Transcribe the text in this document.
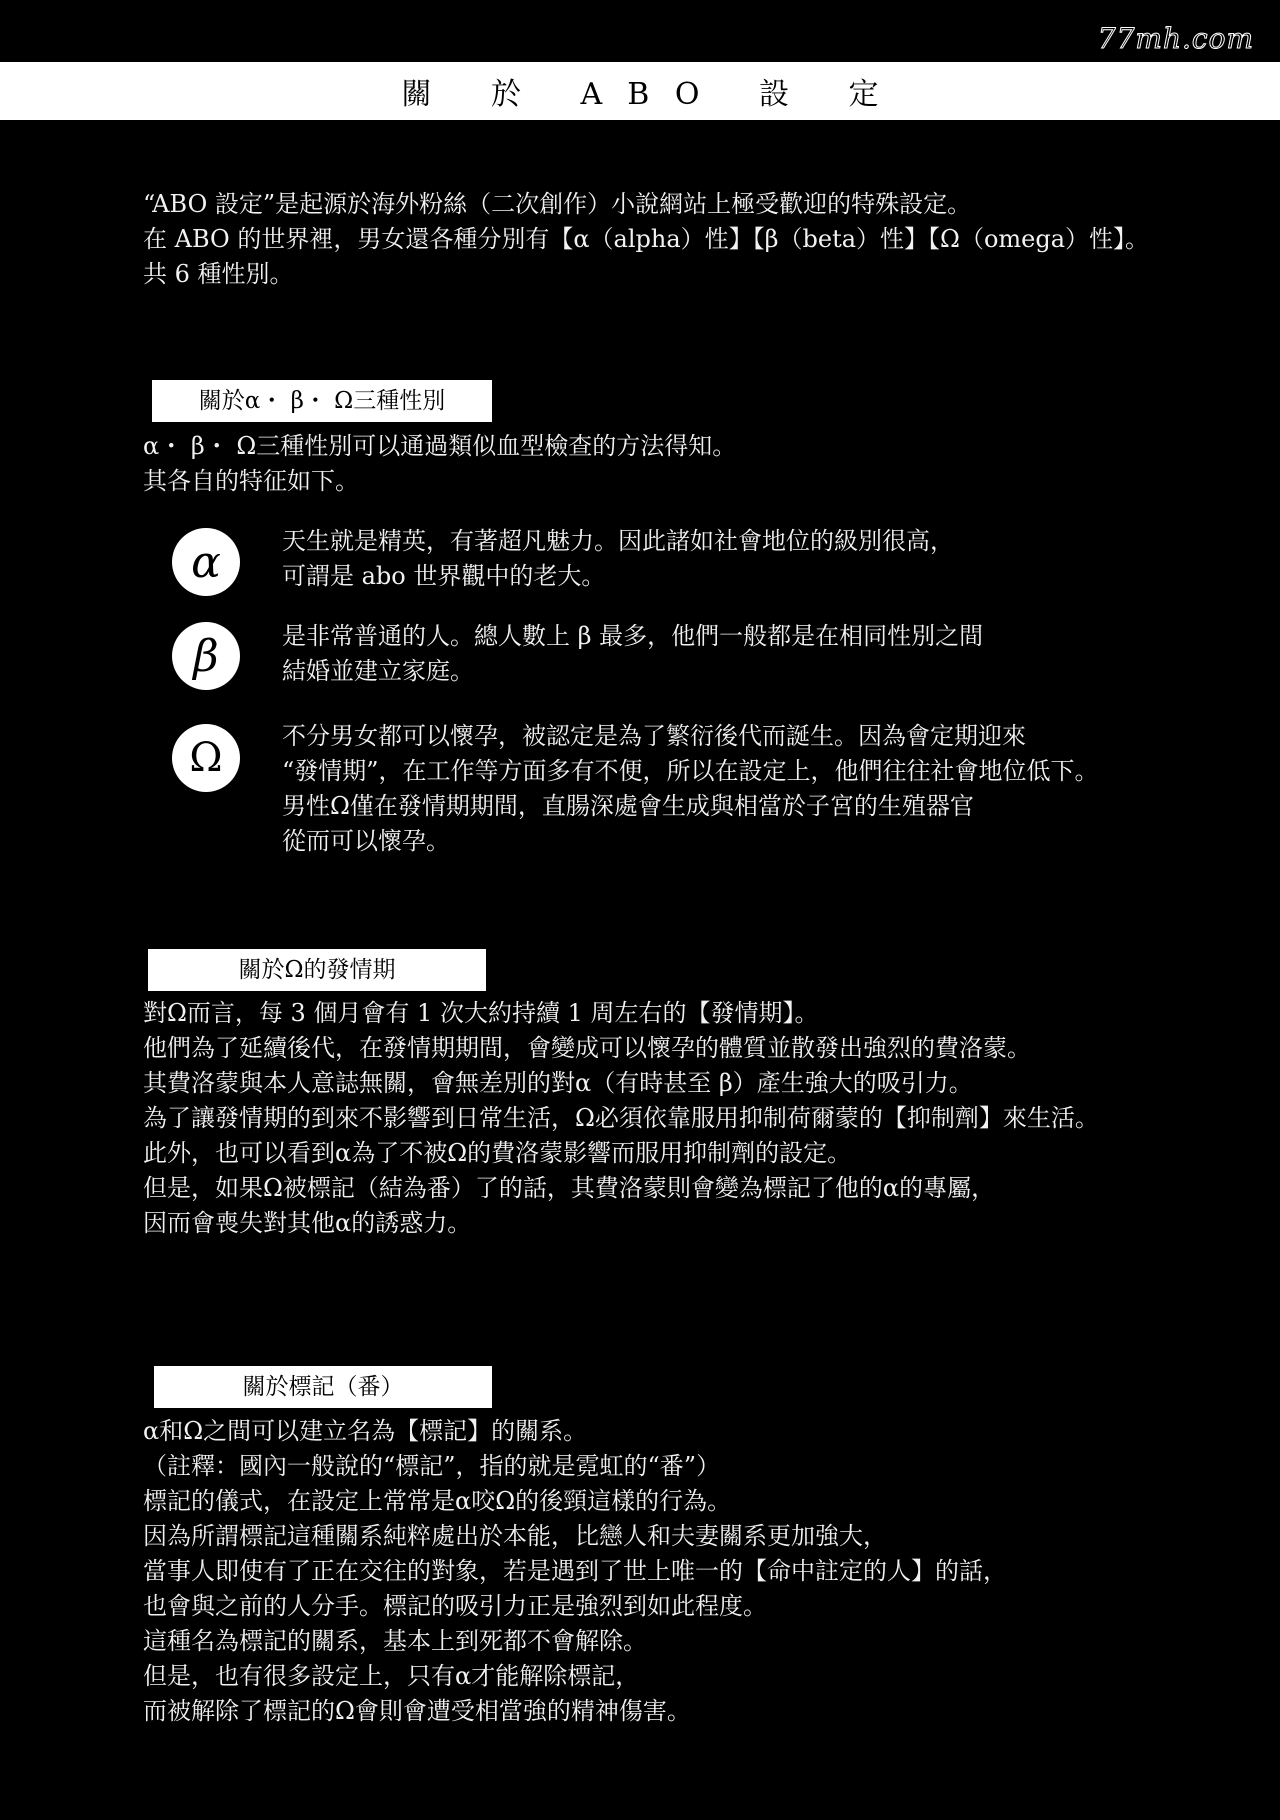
77mh.com
關 於 ABO 設 定
“ABO 設定”是起源於海外粉絲（二次創作）小說網站上極受歡迎的特殊設定。
在 ABO 的世界裡，男女還各種分別有【α（alpha）性】【β（beta）性】【Ω（omega）性】。
共 6 種性別。
關於α・ β・ Ω三種性別
α・ β・ Ω三種性別可以通過類似血型檢查的方法得知。
其各自的特征如下。
α	天生就是精英，有著超凡魅力。因此諸如社會地位的級別很高，
可謂是 abo 世界觀中的老大。
β	是非常普通的人。總人數上 β 最多，他們一般都是在相同性別之間
結婚並建立家庭。
Ω	不分男女都可以懷孕，被認定是為了繁衍後代而誕生。因為會定期迎來
“發情期”，在工作等方面多有不便，所以在設定上，他們往往社會地位低下。
男性Ω僅在發情期期間，直腸深處會生成與相當於子宮的生殖器官
從而可以懷孕。
關於Ω的發情期
對Ω而言，每 3 個月會有 1 次大約持續 1 周左右的【發情期】。
他們為了延續後代，在發情期期間，會變成可以懷孕的體質並散發出強烈的費洛蒙。
其費洛蒙與本人意誌無關，會無差別的對α（有時甚至 β）產生強大的吸引力。
為了讓發情期的到來不影響到日常生活，Ω必須依靠服用抑制荷爾蒙的【抑制劑】來生活。
此外，也可以看到α為了不被Ω的費洛蒙影響而服用抑制劑的設定。
但是，如果Ω被標記（結為番）了的話，其費洛蒙則會變為標記了他的α的專屬，
因而會喪失對其他α的誘惑力。
關於標記（番）
α和Ω之間可以建立名為【標記】的關系。
（註釋：國內一般說的“標記”，指的就是霓虹的“番”）
標記的儀式，在設定上常常是α咬Ω的後頸這樣的行為。
因為所謂標記這種關系純粹處出於本能，比戀人和夫妻關系更加強大，
當事人即使有了正在交往的對象，若是遇到了世上唯一的【命中註定的人】的話，
也會與之前的人分手。標記的吸引力正是強烈到如此程度。
這種名為標記的關系，基本上到死都不會解除。
但是，也有很多設定上，只有α才能解除標記，
而被解除了標記的Ω會則會遭受相當強的精神傷害。
